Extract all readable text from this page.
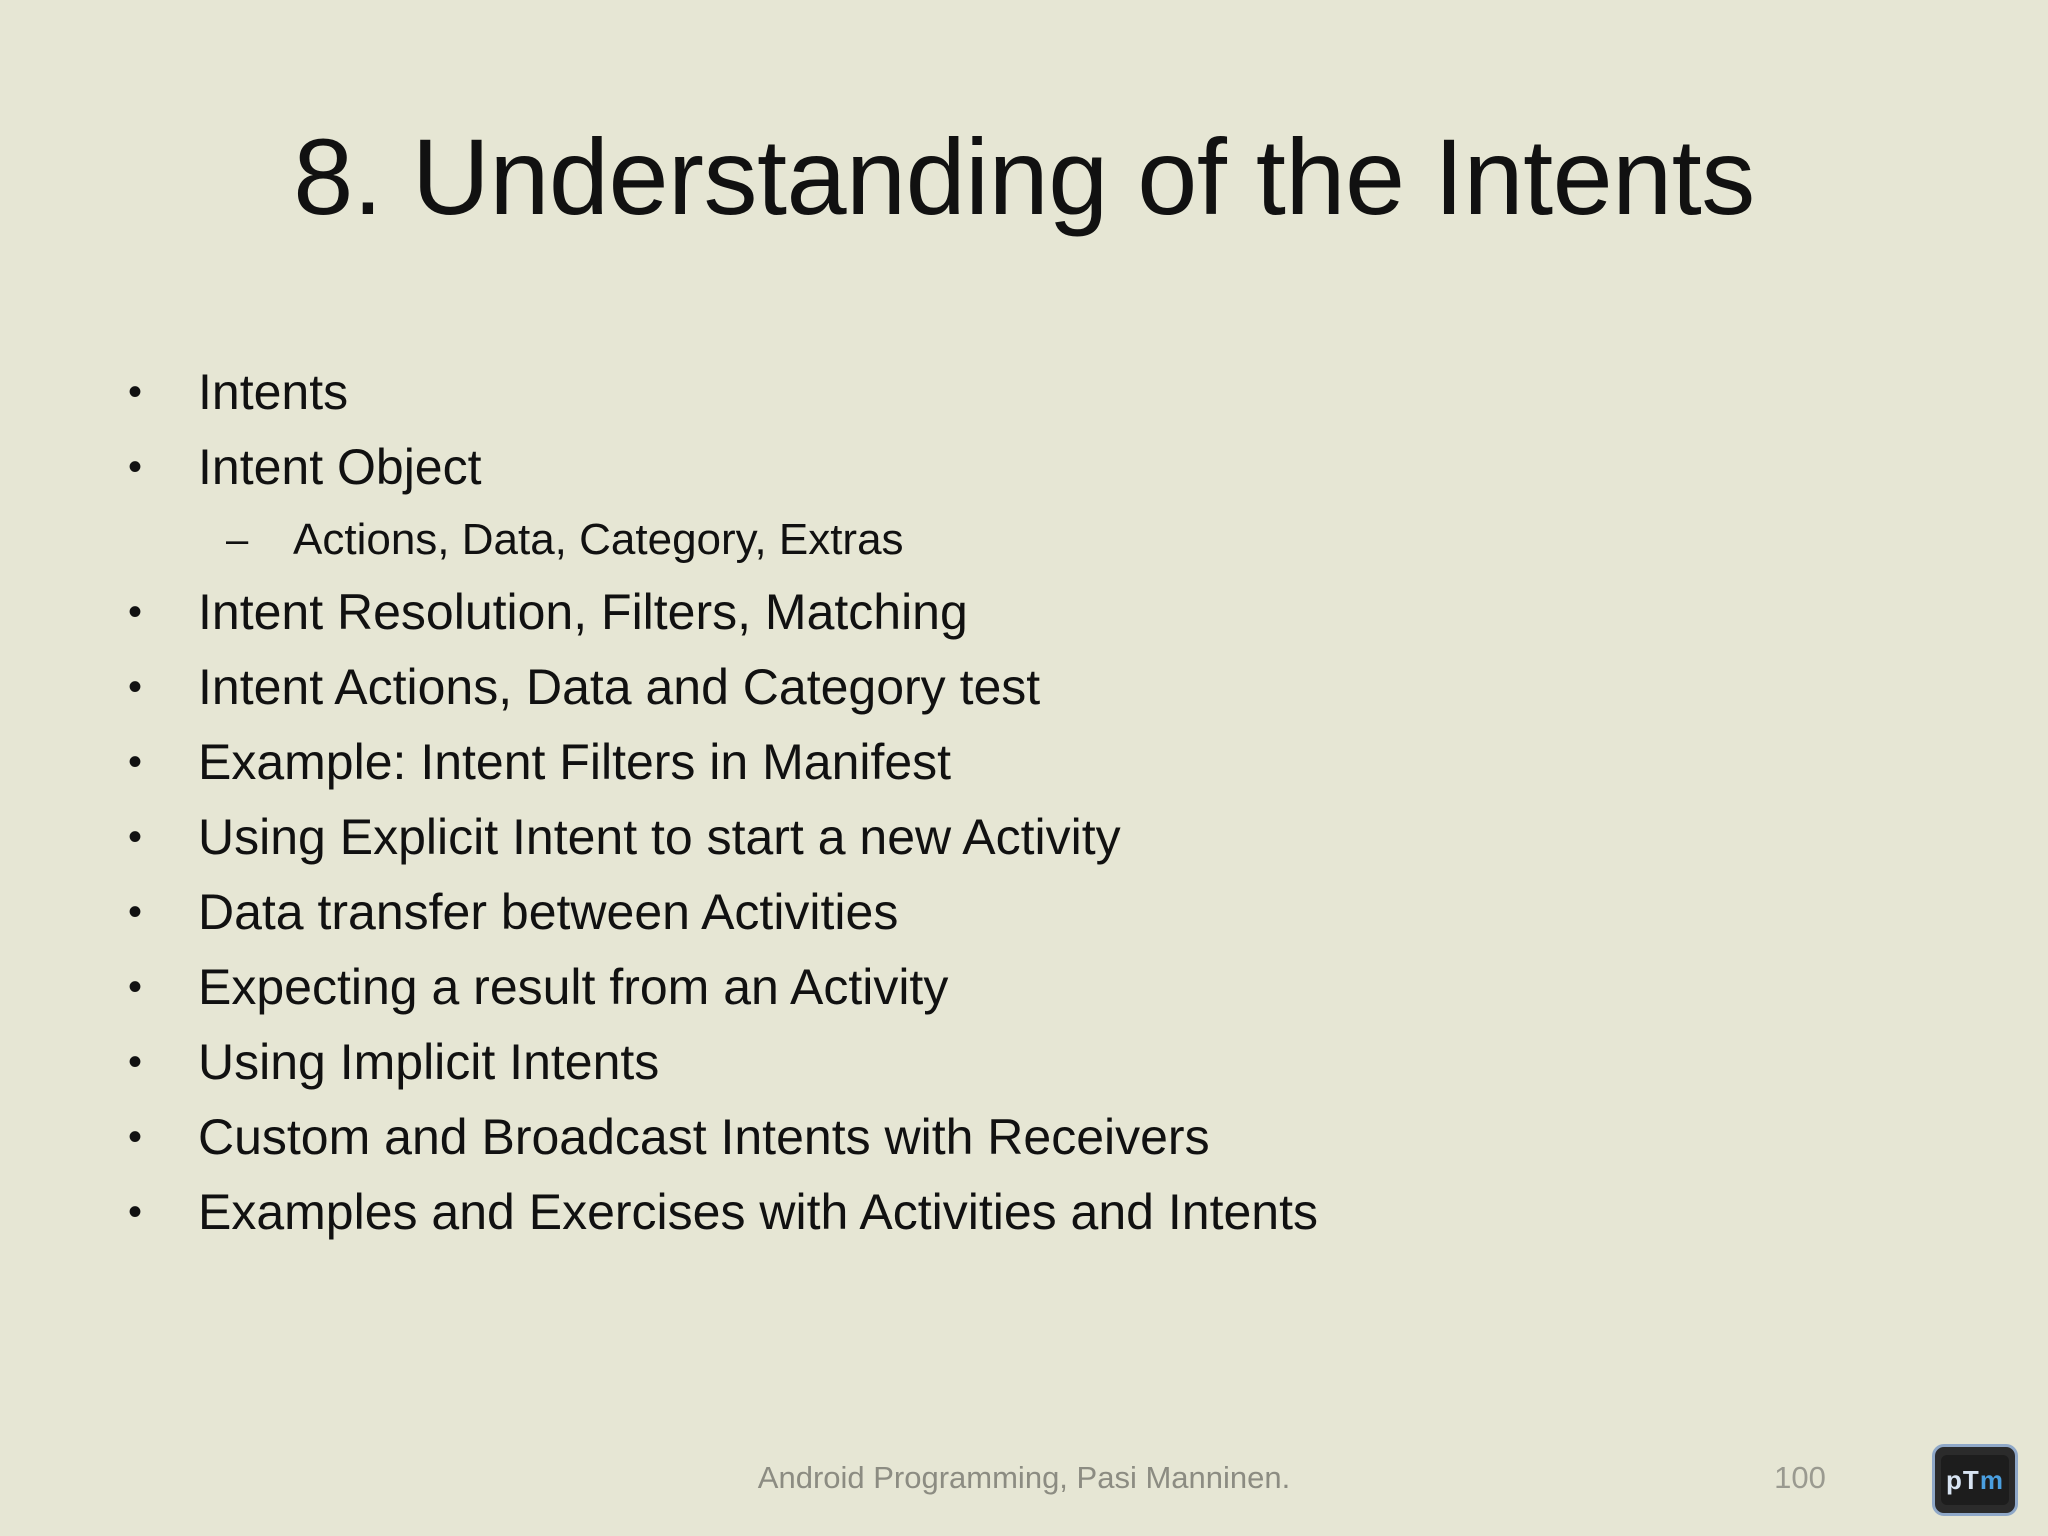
8. Understanding of the Intents
• Intents
• Intent Object
– Actions, Data, Category, Extras
• Intent Resolution, Filters, Matching
• Intent Actions, Data and Category test
• Example: Intent Filters in Manifest
• Using Explicit Intent to start a new Activity
• Data transfer between Activities
• Expecting a result from an Activity
• Using Implicit Intents
• Custom and Broadcast Intents with Receivers
• Examples and Exercises with Activities and Intents
Android Programming, Pasi Manninen.	100	pT m
